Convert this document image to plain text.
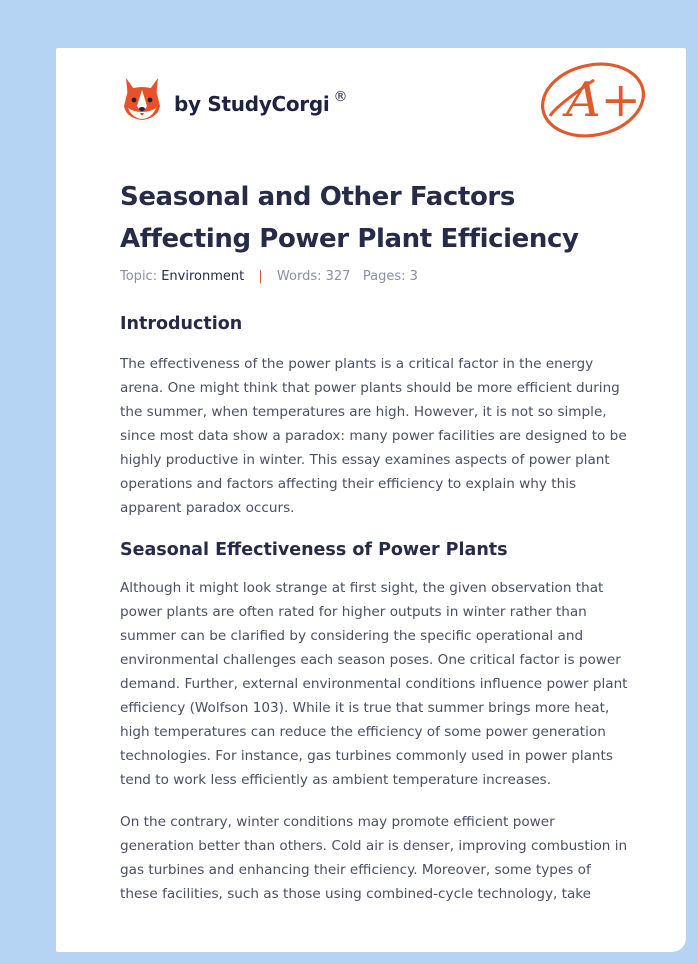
by StudyCorgi ®	A+
Seasonal and Other Factors Affecting Power Plant Efficiency
Topic: Environment | Words: 327 Pages: 3
Introduction

The effectiveness of the power plants is a critical factor in the energy arena. One might think that power plants should be more efficient during the summer, when temperatures are high. However, it is not so simple, since most data show a paradox: many power facilities are designed to be highly productive in winter. This essay examines aspects of power plant operations and factors affecting their efficiency to explain why this apparent paradox occurs.

Seasonal Effectiveness of Power Plants

Although it might look strange at first sight, the given observation that power plants are often rated for higher outputs in winter rather than summer can be clarified by considering the specific operational and environmental challenges each season poses. One critical factor is power demand. Further, external environmental conditions influence power plant efficiency (Wolfson 103). While it is true that summer brings more heat, high temperatures can reduce the efficiency of some power generation technologies. For instance, gas turbines commonly used in power plants tend to work less efficiently as ambient temperature increases.

On the contrary, winter conditions may promote efficient power generation better than others. Cold air is denser, improving combustion in gas turbines and enhancing their efficiency. Moreover, some types of these facilities, such as those using combined-cycle technology, take
